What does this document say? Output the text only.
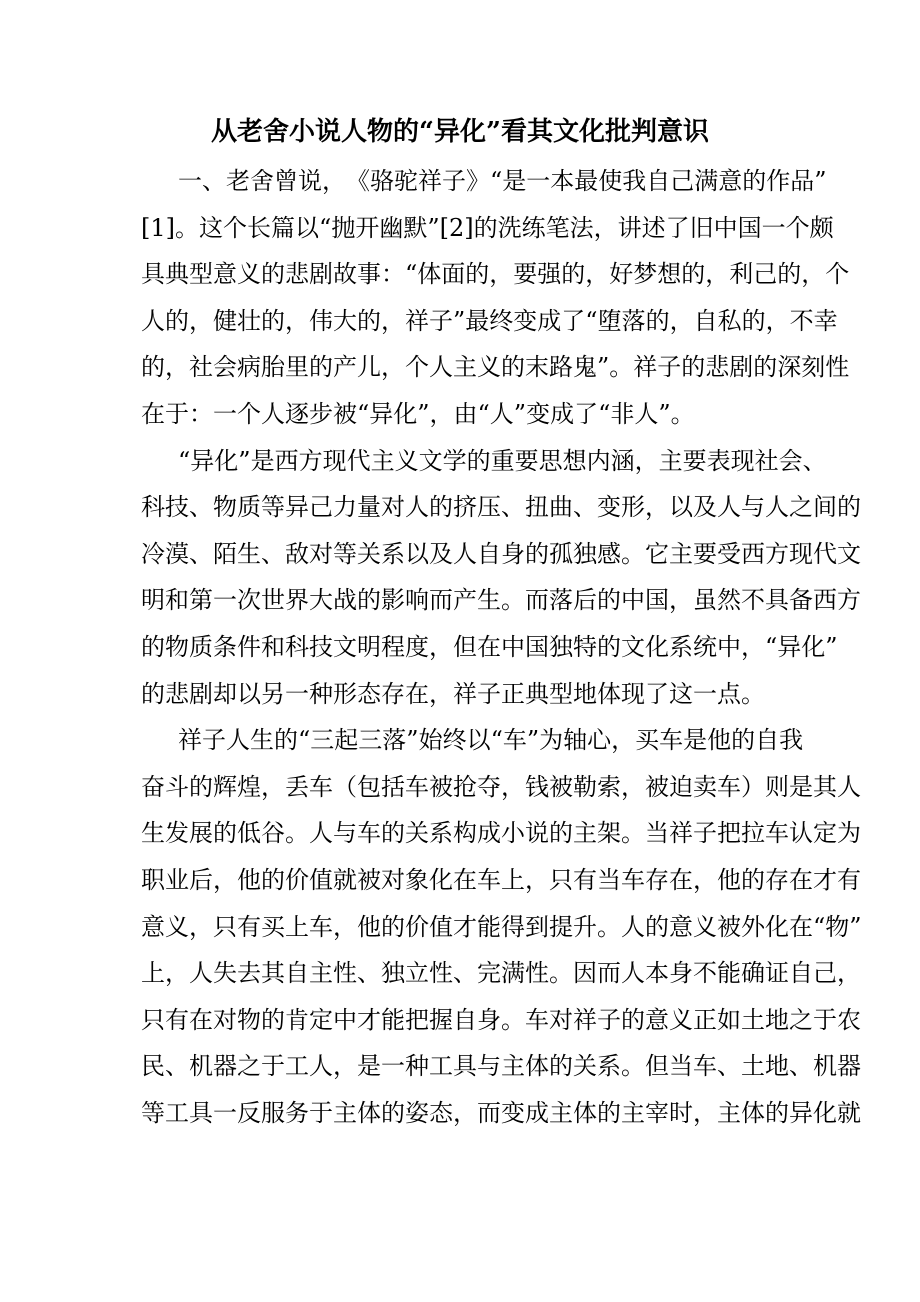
从老舍小说人物的“异化”看其文化批判意识
一 、 老 舍 曾 说 ， 《 骆 驼 祥 子 》 “ 是 一 本 最 使 我 自 己 满 意 的 作 品 ”
[ 1 ] 。 这 个 长 篇 以 “ 抛 开 幽 默 ” [ 2 ] 的 洗 练 笔 法 ， 讲 述 了 旧 中 国 一 个 颇
具 典 型 意 义 的 悲 剧 故 事 ： “ 体 面 的 ， 要 强 的 ， 好 梦 想 的 ， 利 己 的 ， 个
人 的 ， 健 壮 的 ， 伟 大 的 ， 祥 子 ” 最 终 变 成 了 “ 堕 落 的 ， 自 私 的 ， 不 幸
的 ， 社 会 病 胎 里 的 产 儿 ， 个 人 主 义 的 末 路 鬼 ” 。 祥 子 的 悲 剧 的 深 刻 性
在于：一个人逐步被“异化”，由“人”变成了“非人”。
“ 异 化 ” 是 西 方 现 代 主 义 文 学 的 重 要 思 想 内 涵 ， 主 要 表 现 社 会 、
科 技 、 物 质 等 异 己 力 量 对 人 的 挤 压 、 扭 曲 、 变 形 ， 以 及 人 与 人 之 间 的
冷 漠 、 陌 生 、 敌 对 等 关 系 以 及 人 自 身 的 孤 独 感 。 它 主 要 受 西 方 现 代 文
明 和 第 一 次 世 界 大 战 的 影 响 而 产 生 。 而 落 后 的 中 国 ， 虽 然 不 具 备 西 方
的 物 质 条 件 和 科 技 文 明 程 度 ， 但 在 中 国 独 特 的 文 化 系 统 中 ， “ 异 化 ”
的悲剧却以另一种形态存在，祥子正典型地体现了这一点。
祥 子 人 生 的 “ 三 起 三 落 ” 始 终 以 “ 车 ” 为 轴 心 ， 买 车 是 他 的 自 我
奋 斗 的 辉 煌 ， 丢 车 （ 包 括 车 被 抢 夺 ， 钱 被 勒 索 ， 被 迫 卖 车 ） 则 是 其 人
生 发 展 的 低 谷 。 人 与 车 的 关 系 构 成 小 说 的 主 架 。 当 祥 子 把 拉 车 认 定 为
职 业 后 ， 他 的 价 值 就 被 对 象 化 在 车 上 ， 只 有 当 车 存 在 ， 他 的 存 在 才 有
意 义 ， 只 有 买 上 车 ， 他 的 价 值 才 能 得 到 提 升 。 人 的 意 义 被 外 化 在 “ 物 ”
上 ， 人 失 去 其 自 主 性 、 独 立 性 、 完 满 性 。 因 而 人 本 身 不 能 确 证 自 己 ，
只 有 在 对 物 的 肯 定 中 才 能 把 握 自 身 。 车 对 祥 子 的 意 义 正 如 土 地 之 于 农
民 、 机 器 之 于 工 人 ， 是 一 种 工 具 与 主 体 的 关 系 。 但 当 车 、 土 地 、 机 器
等 工 具 一 反 服 务 于 主 体 的 姿 态 ， 而 变 成 主 体 的 主 宰 时 ， 主 体 的 异 化 就
